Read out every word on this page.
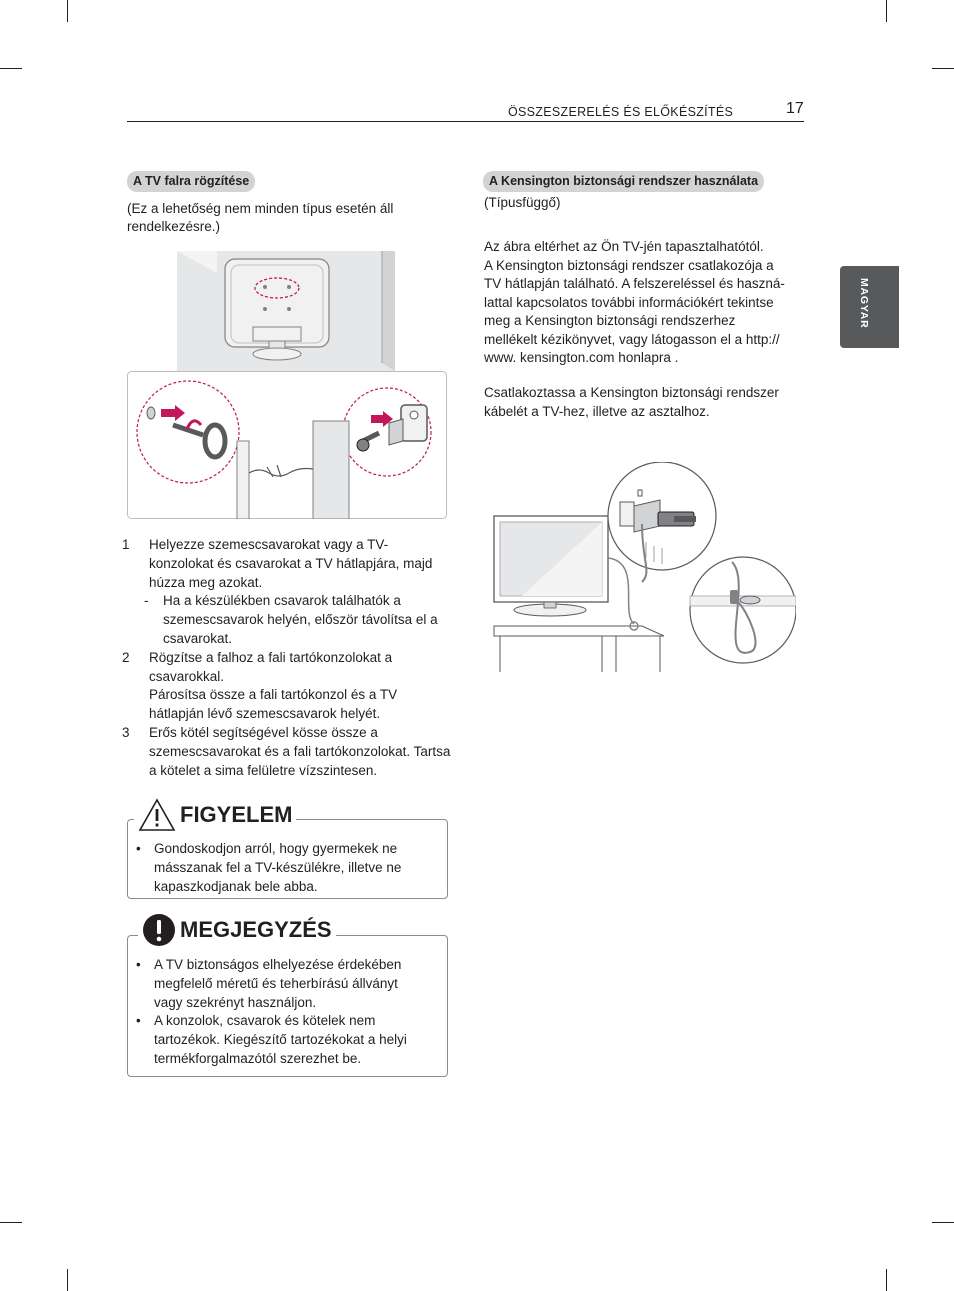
ÖSSZESZERELÉS ÉS ELŐKÉSZÍTÉS	17
MAGYAR
A TV falra rögzítése
(Ez a lehetőség nem minden típus esetén áll
rendelkezésre.)
1 Helyezze szemescsavarokat vagy a TV-konzolokat és csavarokat a TV hátlapjára, majd húzza meg azokat.
- Ha a készülékben csavarok találhatók a szemescsavarok helyén, először távolítsa el a csavarokat.
2 Rögzítse a falhoz a fali tartókonzolokat a csavarokkal.
Párosítsa össze a fali tartókonzol és a TV hátlapján lévő szemescsavarok helyét.
3 Erős kötél segítségével kösse össze a szemescsavarokat és a fali tartókonzolokat. Tartsa a kötelet a sima felületre vízszintesen.
• Gondoskodjon arról, hogy gyermekek ne másszanak fel a TV-készülékre, illetve ne kapaszkodjanak bele abba.
FIGYELEM
• A TV biztonságos elhelyezése érdekében megfelelő méretű és teherbírású állványt vagy szekrényt használjon.
• A konzolok, csavarok és kötelek nem tartozékok. Kiegészítő tartozékokat a helyi termékforgalmazótól szerezhet be.
MEGJEGYZÉS
A Kensington biztonsági rendszer használata
(Típusfüggő)
Az ábra eltérhet az Ön TV-jén tapasztalhatótól.
A Kensington biztonsági rendszer csatlakozója a
TV hátlapján található. A felszereléssel és haszná-
lattal kapcsolatos további információkért tekintse
meg a Kensington biztonsági rendszerhez
mellékelt kézikönyvet, vagy látogasson el a http://
www. kensington.com honlapra .
Csatlakoztassa a Kensington biztonsági rendszer
kábelét a TV-hez, illetve az asztalhoz.
